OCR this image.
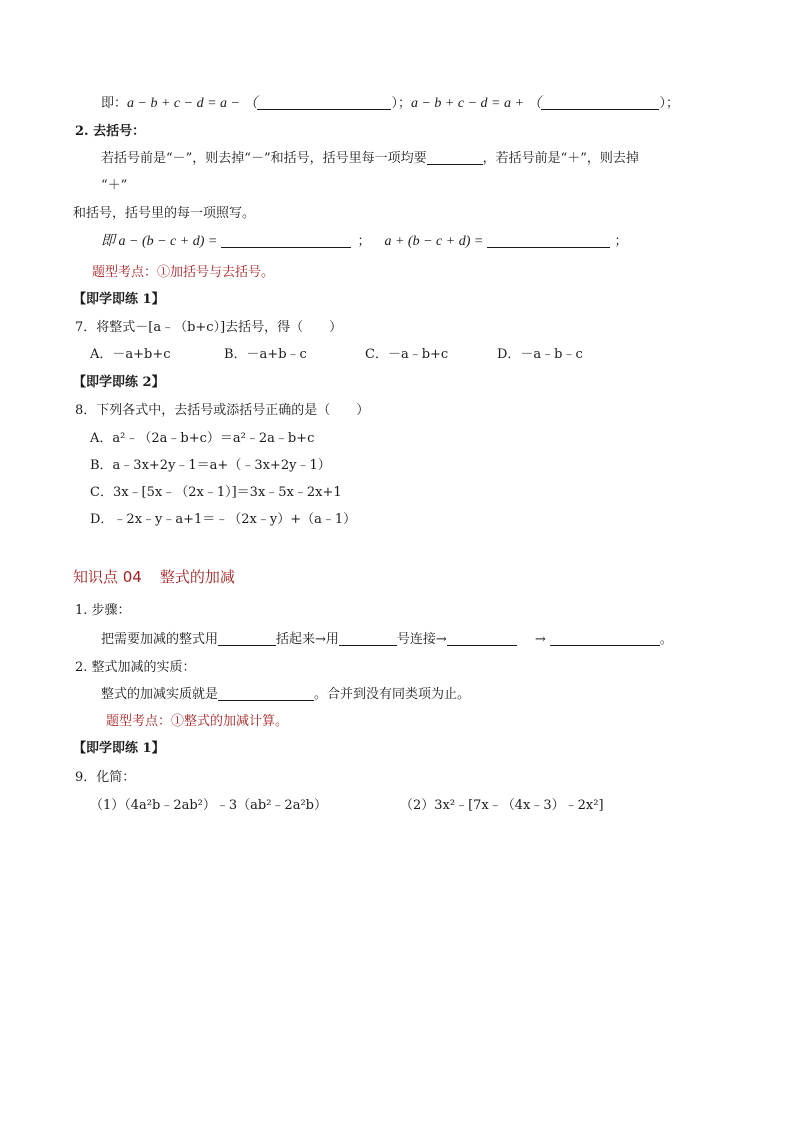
即：a − b + c − d = a − （	）；a − b + c − d = a + （	）；
2. 去括号：
若括号前是“－”，则去掉“－”和括号，括号里每一项均要	，若括号前是“＋”，则去掉
“＋”
和括号，括号里的每一项照写。
即 a − (b − c + d) =	； a + (b − c + d) =	；
题型考点：①加括号与去括号。
【即学即练 1】
7．将整式－[a﹣（b+c）]去括号，得（　　）
A．－a+b+c	B．－a+b﹣c	C．－a﹣b+c	D．－a﹣b﹣c
【即学即练 2】
8．下列各式中，去括号或添括号正确的是（　　）
A．a²﹣（2a﹣b+c）＝a²﹣2a﹣b+c
B．a﹣3x+2y﹣1＝a+（﹣3x+2y﹣1）
C．3x﹣[5x﹣（2x﹣1）]＝3x﹣5x﹣2x+1
D．﹣2x﹣y﹣a+1＝﹣（2x﹣y）+（a﹣1）
知识点 04 整式的加减
1. 步骤：
把需要加减的整式用	括起来→用	号连接→	→	。
2. 整式加减的实质：
整式的加减实质就是	。合并到没有同类项为止。
题型考点：①整式的加减计算。
【即学即练 1】
9．化简：
（1）（4a²b﹣2ab²）﹣3（ab²﹣2a²b）	（2）3x²﹣[7x﹣（4x﹣3）﹣2x²]
